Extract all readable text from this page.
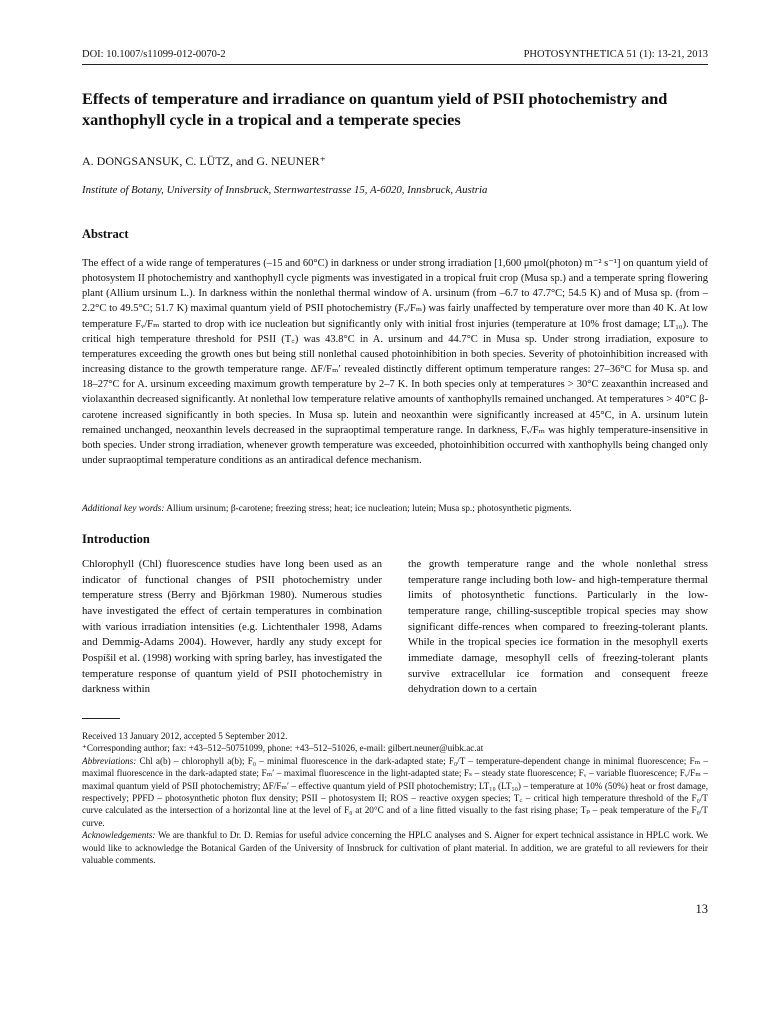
DOI: 10.1007/s11099-012-0070-2	PHOTOSYNTHETICA 51 (1): 13-21, 2013
Effects of temperature and irradiance on quantum yield of PSII photochemistry and xanthophyll cycle in a tropical and a temperate species
A. DONGSANSUK, C. LÜTZ, and G. NEUNER⁺
Institute of Botany, University of Innsbruck, Sternwartestrasse 15, A-6020, Innsbruck, Austria
Abstract

The effect of a wide range of temperatures (–15 and 60°C) in darkness or under strong irradiation [1,600 μmol(photon) m⁻² s⁻¹] on quantum yield of photosystem II photochemistry and xanthophyll cycle pigments was investigated in a tropical fruit crop (Musa sp.) and a temperate spring flowering plant (Allium ursinum L.). In darkness within the nonlethal thermal window of A. ursinum (from –6.7 to 47.7°C; 54.5 K) and of Musa sp. (from –2.2°C to 49.5°C; 51.7 K) maximal quantum yield of PSII photochemistry (Fᵥ/Fₘ) was fairly unaffected by temperature over more than 40 K. At low temperature Fᵥ/Fₘ started to drop with ice nucleation but significantly only with initial frost injuries (temperature at 10% frost damage; LT₁₀). The critical high temperature threshold for PSII (T꜀) was 43.8°C in A. ursinum and 44.7°C in Musa sp. Under strong irradiation, exposure to temperatures exceeding the growth ones but being still nonlethal caused photoinhibition in both species. Severity of photoinhibition increased with increasing distance to the growth temperature range. ΔF/Fₘ′ revealed distinctly different optimum temperature ranges: 27–36°C for Musa sp. and 18–27°C for A. ursinum exceeding maximum growth temperature by 2–7 K. In both species only at temperatures > 30°C zeaxanthin increased and violaxanthin decreased significantly. At nonlethal low temperature relative amounts of xanthophylls remained unchanged. At temperatures > 40°C β-carotene increased significantly in both species. In Musa sp. lutein and neoxanthin were significantly increased at 45°C, in A. ursinum lutein remained unchanged, neoxanthin levels decreased in the supraoptimal temperature range. In darkness, Fᵥ/Fₘ was highly temperature-insensitive in both species. Under strong irradiation, whenever growth temperature was exceeded, photoinhibition occurred with xanthophylls being changed only under supraoptimal temperature conditions as an antiradical defence mechanism.

Additional key words: Allium ursinum; β-carotene; freezing stress; heat; ice nucleation; lutein; Musa sp.; photosynthetic pigments.

Introduction

Chlorophyll (Chl) fluorescence studies have long been used as an indicator of functional changes of PSII photochemistry under temperature stress (Berry and Björkman 1980). Numerous studies have investigated the effect of certain temperatures in combination with various irradiation intensities (e.g. Lichtenthaler 1998, Adams and Demmig-Adams 2004). However, hardly any study except for Pospíšil et al. (1998) working with spring barley, has investigated the temperature response of quantum yield of PSII photochemistry in darkness within

the growth temperature range and the whole nonlethal stress temperature range including both low- and high-temperature thermal limits of photosynthetic functions. Particularly in the low-temperature range, chilling-susceptible tropical species may show significant diffe-rences when compared to freezing-tolerant plants. While in the tropical species ice formation in the mesophyll exerts immediate damage, mesophyll cells of freezing-tolerant plants survive extracellular ice formation and consequent freeze dehydration down to a certain

Received 13 January 2012, accepted 5 September 2012.

⁺Corresponding author; fax: +43–512–50751099, phone: +43–512–51026, e-mail: gilbert.neuner@uibk.ac.at

Abbreviations: Chl a(b) – chlorophyll a(b); F₀ – minimal fluorescence in the dark-adapted state; F₀/T – temperature-dependent change in minimal fluorescence; Fₘ – maximal fluorescence in the dark-adapted state; Fₘ′ – maximal fluorescence in the light-adapted state; Fₛ – steady state fluorescence; Fᵥ – variable fluorescence; Fᵥ/Fₘ – maximal quantum yield of PSII photochemistry; ΔF/Fₘ′ – effective quantum yield of PSII photochemistry; LT₁₀ (LT₅₀) – temperature at 10% (50%) heat or frost damage, respectively; PPFD – photosynthetic photon flux density; PSII – photosystem II; ROS – reactive oxygen species; T꜀ – critical high temperature threshold of the F₀/T curve calculated as the intersection of a horizontal line at the level of F₀ at 20°C and of a line fitted visually to the fast rising phase; Tₚ – peak temperature of the F₀/T curve.

Acknowledgements: We are thankful to Dr. D. Remias for useful advice concerning the HPLC analyses and S. Aigner for expert technical assistance in HPLC work. We would like to acknowledge the Botanical Garden of the University of Innsbruck for cultivation of plant material. In addition, we are grateful to all reviewers for their valuable comments.

13
